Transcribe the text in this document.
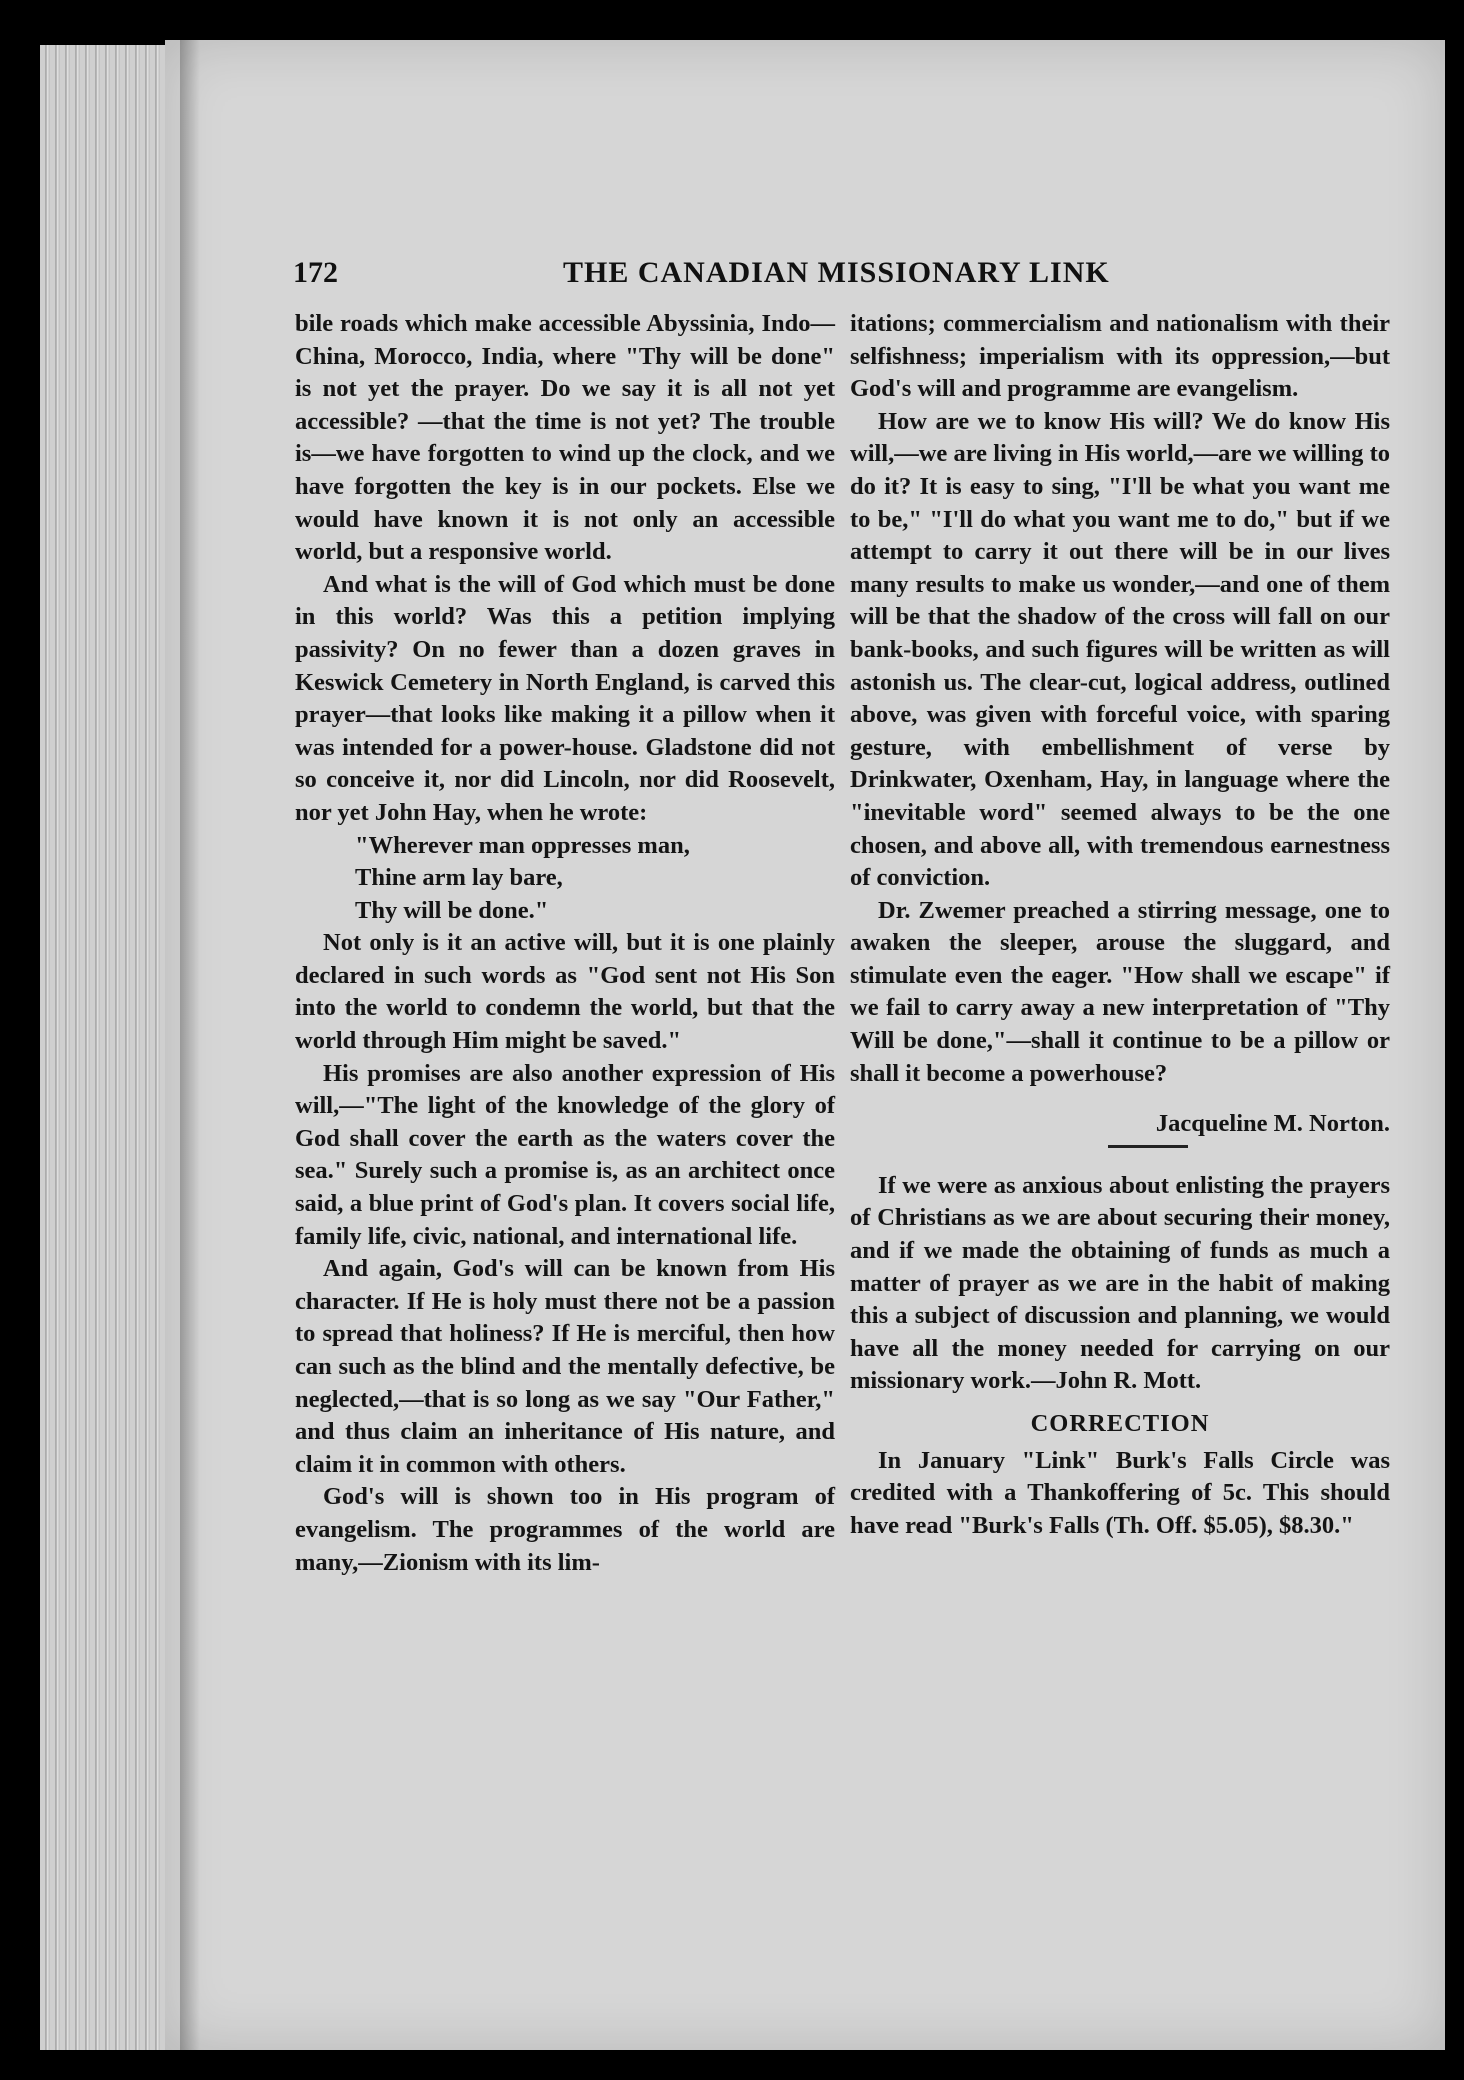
172	THE CANADIAN MISSIONARY LINK

bile roads which make accessible Abyssinia, Indo—China, Morocco, India, where "Thy will be done" is not yet the prayer. Do we say it is all not yet accessible? —that the time is not yet? The trouble is—we have forgotten to wind up the clock, and we have forgotten the key is in our pockets. Else we would have known it is not only an accessible world, but a responsive world.

And what is the will of God which must be done in this world? Was this a petition implying passivity? On no fewer than a dozen graves in Keswick Cemetery in North England, is carved this prayer—that looks like making it a pillow when it was intended for a power-house. Gladstone did not so conceive it, nor did Lincoln, nor did Roosevelt, nor yet John Hay, when he wrote:

"Wherever man oppresses man,
Thine arm lay bare,
Thy will be done."

Not only is it an active will, but it is one plainly declared in such words as "God sent not His Son into the world to condemn the world, but that the world through Him might be saved."

His promises are also another expression of His will,—"The light of the knowledge of the glory of God shall cover the earth as the waters cover the sea." Surely such a promise is, as an architect once said, a blue print of God's plan. It covers social life, family life, civic, national, and international life.

And again, God's will can be known from His character. If He is holy must there not be a passion to spread that holiness? If He is merciful, then how can such as the blind and the mentally defective, be neglected,—that is so long as we say "Our Father," and thus claim an inheritance of His nature, and claim it in common with others.

God's will is shown too in His program of evangelism. The programmes of the world are many,—Zionism with its lim-

itations; commercialism and nationalism with their selfishness; imperialism with its oppression,—but God's will and programme are evangelism.

How are we to know His will? We do know His will,—we are living in His world,—are we willing to do it? It is easy to sing, "I'll be what you want me to be," "I'll do what you want me to do," but if we attempt to carry it out there will be in our lives many results to make us wonder,—and one of them will be that the shadow of the cross will fall on our bank-books, and such figures will be written as will astonish us. The clear-cut, logical address, outlined above, was given with forceful voice, with sparing gesture, with embellishment of verse by Drinkwater, Oxenham, Hay, in language where the "inevitable word" seemed always to be the one chosen, and above all, with tremendous earnestness of conviction.

Dr. Zwemer preached a stirring message, one to awaken the sleeper, arouse the sluggard, and stimulate even the eager. "How shall we escape" if we fail to carry away a new interpretation of "Thy Will be done,"—shall it continue to be a pillow or shall it become a powerhouse?

Jacqueline M. Norton.

If we were as anxious about enlisting the prayers of Christians as we are about securing their money, and if we made the obtaining of funds as much a matter of prayer as we are in the habit of making this a subject of discussion and planning, we would have all the money needed for carrying on our missionary work.—John R. Mott.

CORRECTION

In January "Link" Burk's Falls Circle was credited with a Thankoffering of 5c. This should have read "Burk's Falls (Th. Off. $5.05), $8.30."
